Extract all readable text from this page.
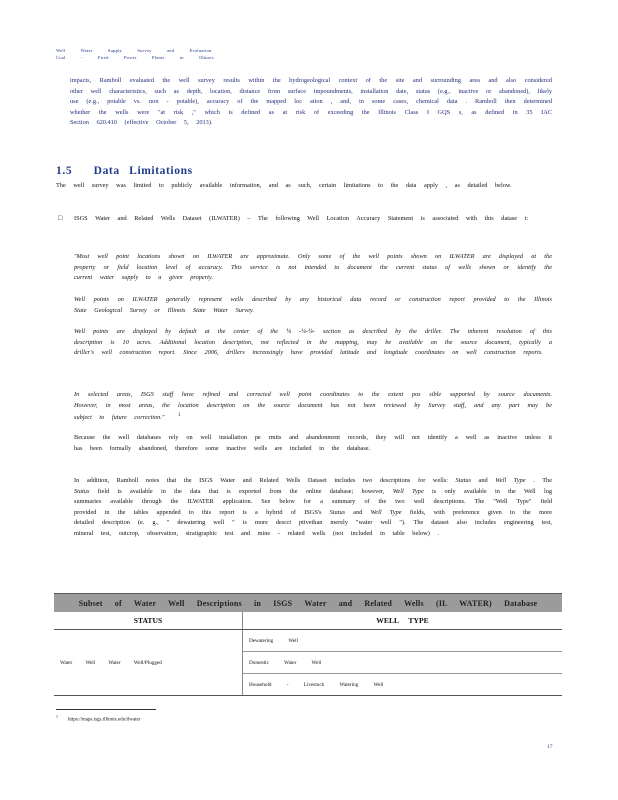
Well Water Supply Survey and Evaluation
Coal - Fired Power Plants in Illinois
impacts, Ramboll evaluated the well survey results within the hydrogeological context of the site and surrounding area and also considered other well characteristics, such as depth, location, distance from surface impoundments, installation date, status (e.g., inactive or abandoned), likely use (e.g., potable vs. non - potable), accuracy of the mapped loc ation , and, in some cases, chemical data . Ramboll then determined whether the wells were "at risk ," which is defined as at risk of exceeding the Illinois Class I GQS s, as defined in 35 IAC Section 620.410 (effective October 5, 2013).
1.5 Data Limitations
The well survey was limited to publicly available information, and as such, certain limitations to the data apply , as detailed below.
□ ISGS Water and Related Wells Dataset (ILWATER) – The following Well Location Accuracy Statement is associated with this datase t:
"Most well point locations shown on ILWATER are approximate. Only some of the well points shown on ILWATER are displayed at the property or field location level of accuracy. This service is not intended to document the current status of wells shown or identify the current water supply to a given property.
Well points on ILWATER generally represent wells described by any historical data record or construction report provided to the Illinois State Geological Survey or Illinois State Water Survey.
Well points are displayed by default at the center of the ¼ -¼-¼- section as described by the driller. The inherent resolution of this description is 10 acres. Additional location description, not reflected in the mapping, may be available on the source document, typically a driller's well construction report. Since 2006, drillers increasingly have provided latitude and longitude coordinates on well construction reports.
In selected areas, ISGS staff have refined and corrected well point coordinates to the extent pos sible supported by source documents. However, in most areas, the location description on the source document has not been reviewed by Survey staff, and any part may be subject to future correction."	$^1$
Because the well databases rely on well installation pe rmits and abandonment records, they will not identify a well as inactive unless it has been formally abandoned, therefore some inactive wells are included in the database.
In addition, Ramboll notes that the ISGS Water and Related Wells Dataset includes two descriptions for wells: Status and Well Type . The Status field is available in the data that is exported from the online database; however, Well Type is only available in the Well log summaries available through the ILWATER application. See below for a summary of the two well descriptions. The "Well Type" field provided in the tables appended to this report is a hybrid of ISGS's Status and Well Type fields, with preference given to the more detailed description (e. g., " dewatering well " is more descri ptivethan merely "water well "). The dataset also includes engineering test, mineral test, outcrop, observation, stratigraphic test and mine - related wells (not included in table below) .
Subset of Water Well Descriptions in ISGS Water and Related Wells (IL WATER) Database	
STATUS	WELL TYPE
Water Well Water Well/Plugged	Dewatering Well
	Domestic Water Well
	Household - Livestock Watering Well
$^1$https://maps.isgs.illinois.edu/ilwater
17
